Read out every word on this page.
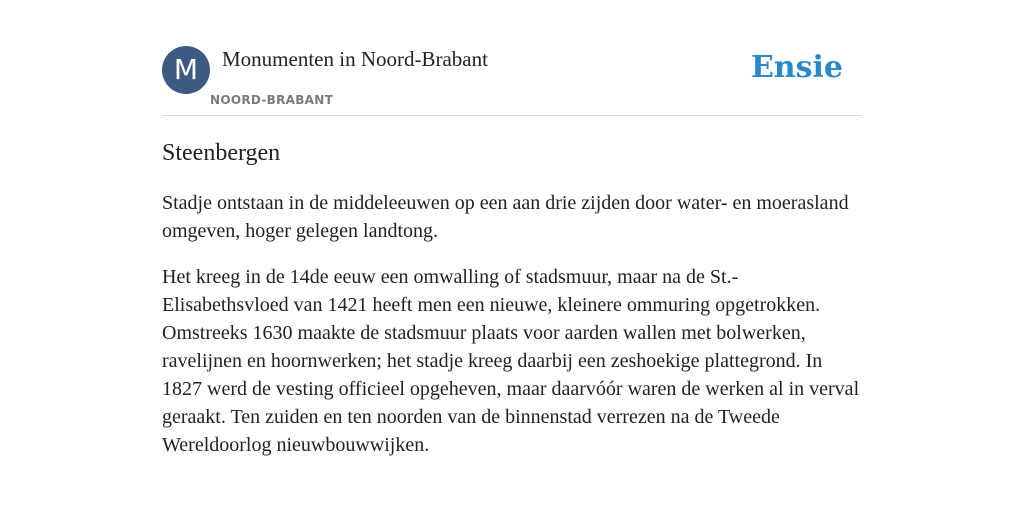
M	Monumenten in Noord-Brabant
NOORD-BRABANT
Ensie
Steenbergen

Stadje ontstaan in de middeleeuwen op een aan drie zijden door water- en moerasland omgeven, hoger gelegen landtong.

Het kreeg in de 14de eeuw een omwalling of stadsmuur, maar na de St.-Elisabethsvloed van 1421 heeft men een nieuwe, kleinere ommuring opgetrokken. Omstreeks 1630 maakte de stadsmuur plaats voor aarden wallen met bolwerken, ravelijnen en hoornwerken; het stadje kreeg daarbij een zeshoekige plattegrond. In 1827 werd de vesting officieel opgeheven, maar daarvóór waren de werken al in verval geraakt. Ten zuiden en ten noorden van de binnenstad verrezen na de Tweede Wereldoorlog nieuwbouwwijken.
